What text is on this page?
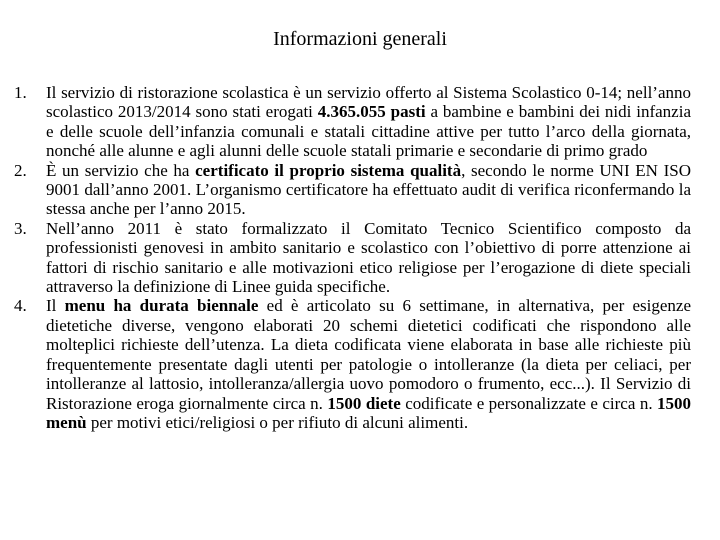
Informazioni generali
1. Il servizio di ristorazione scolastica è un servizio offerto al Sistema Scolastico 0-14; nell’anno scolastico 2013/2014 sono stati erogati 4.365.055 pasti a bambine e bambini dei nidi infanzia e delle scuole dell’infanzia comunali e statali cittadine attive per tutto l’arco della giornata, nonché alle alunne e agli alunni delle scuole statali primarie e secondarie di primo grado
2. È un servizio che ha certificato il proprio sistema qualità, secondo le norme UNI EN ISO 9001 dall’anno 2001. L’organismo certificatore ha effettuato audit di verifica riconfermando la stessa anche per l’anno 2015.
3. Nell’anno 2011 è stato formalizzato il Comitato Tecnico Scientifico composto da professionisti genovesi in ambito sanitario e scolastico con l’obiettivo di porre attenzione ai fattori di rischio sanitario e alle motivazioni etico religiose per l’erogazione di diete speciali attraverso la definizione di Linee guida specifiche.
4. Il menu ha durata biennale ed è articolato su 6 settimane, in alternativa, per esigenze dietetiche diverse, vengono elaborati 20 schemi dietetici codificati che rispondono alle molteplici richieste dell’utenza. La dieta codificata viene elaborata in base alle richieste più frequentemente presentate dagli utenti per patologie o intolleranze (la dieta per celiaci, per intolleranze al lattosio, intolleranza/allergia uovo pomodoro o frumento, ecc...). Il Servizio di Ristorazione eroga giornalmente circa n. 1500 diete codificate e personalizzate e circa n. 1500 menù per motivi etici/religiosi o per rifiuto di alcuni alimenti.
